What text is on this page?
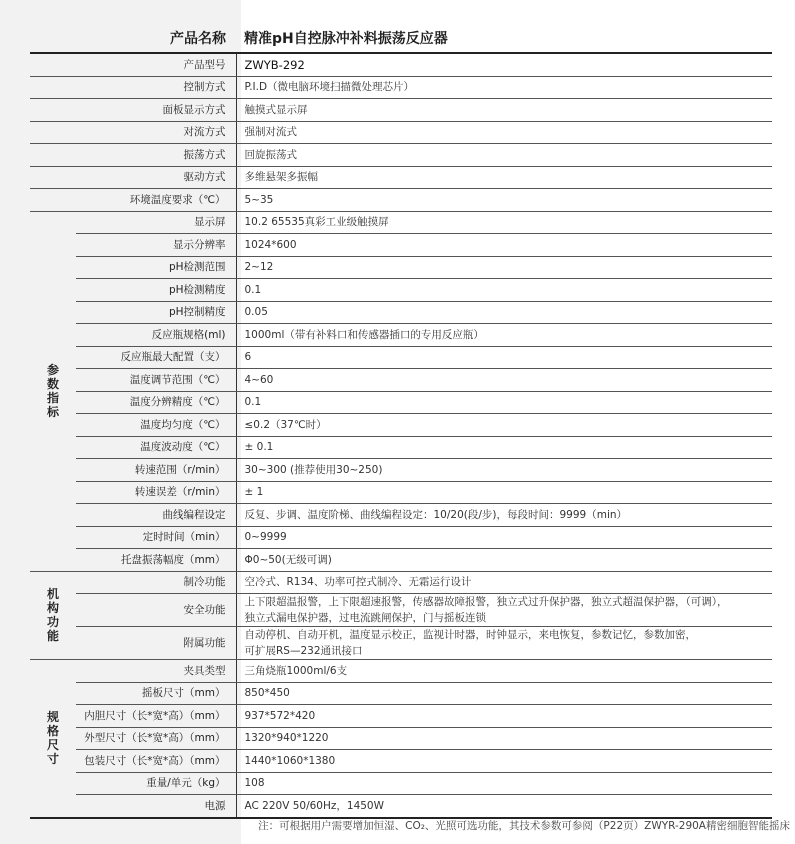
产品名称	精准pH自控脉冲补料振荡反应器
产品型号		ZWYB-292
控制方式		P.I.D（微电脑环境扫描微处理芯片）
面板显示方式		触摸式显示屏
对流方式		强制对流式
振荡方式		回旋振荡式
驱动方式		多维悬架多振幅
环境温度要求（℃）		5~35

参
数
指
标	显示屏	10.2 65535真彩工业级触摸屏
	显示分辨率	1024*600
	pH检测范围	2~12
	pH检测精度	0.1
	pH控制精度	0.05
	反应瓶规格(ml)	1000ml（带有补料口和传感器插口的专用反应瓶）
	反应瓶最大配置（支）	6
	温度调节范围（℃）	4~60
	温度分辨精度（℃）	0.1
	温度均匀度（℃）	≤0.2（37℃时）
	温度波动度（℃）	± 0.1
	转速范围（r/min）	30~300 (推荐使用30~250)
	转速误差（r/min）	± 1
	曲线编程设定	反复、步调、温度阶梯、曲线编程设定：10/20(段/步)，每段时间：9999（min）
	定时时间（min）	0~9999
	托盘振荡幅度（mm）	Φ0~50(无级可调)

机
构
功
能	制冷功能	空冷式、R134、功率可控式制冷、无霜运行设计
	安全功能	上下限超温报警，上下限超速报警，传感器故障报警，独立式过升保护器，独立式超温保护器，（可调），
独立式漏电保护器，过电流跳闸保护，门与摇板连锁

	附属功能	自动停机、自动开机，温度显示校正，监视计时器，时钟显示，来电恢复，参数记忆，参数加密，
可扩展RS—232通讯接口

规
格
尺
寸	夹具类型	三角烧瓶1000ml/6支
	摇板尺寸（mm）	850*450
	内胆尺寸（长*宽*高）（mm）	937*572*420
	外型尺寸（长*宽*高）（mm）	1320*940*1220
	包装尺寸（长*宽*高）（mm）	1440*1060*1380
	重量/单元（kg）	108
	电源	AC 220V 50/60Hz，1450W
注：可根据用户需要增加恒湿、CO₂、光照可选功能，其技术参数可参阅（P22页）ZWYR-290A精密细胞智能摇床
